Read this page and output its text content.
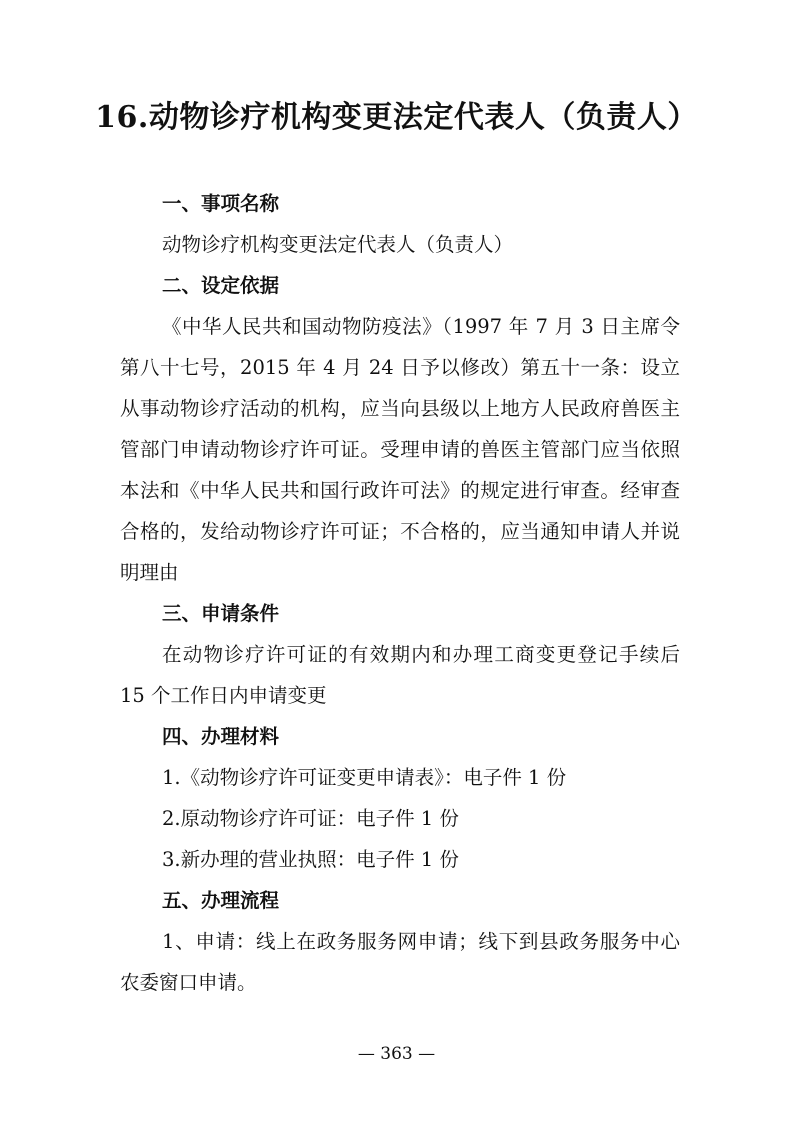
16.动物诊疗机构变更法定代表人（负责人）

一、事项名称

动物诊疗机构变更法定代表人（负责人）

二、设定依据

《中华人民共和国动物防疫法》（1997 年 7 月 3 日主席令第八十七号，2015 年 4 月 24 日予以修改）第五十一条：设立从事动物诊疗活动的机构，应当向县级以上地方人民政府兽医主管部门申请动物诊疗许可证。受理申请的兽医主管部门应当依照本法和《中华人民共和国行政许可法》的规定进行审查。经审查合格的，发给动物诊疗许可证；不合格的，应当通知申请人并说明理由

三、申请条件

在动物诊疗许可证的有效期内和办理工商变更登记手续后 15 个工作日内申请变更

四、办理材料

1.《动物诊疗许可证变更申请表》：电子件 1 份

2.原动物诊疗许可证：电子件 1 份

3.新办理的营业执照：电子件 1 份

五、办理流程

1、申请：线上在政务服务网申请；线下到县政务服务中心农委窗口申请。

— 363 —
